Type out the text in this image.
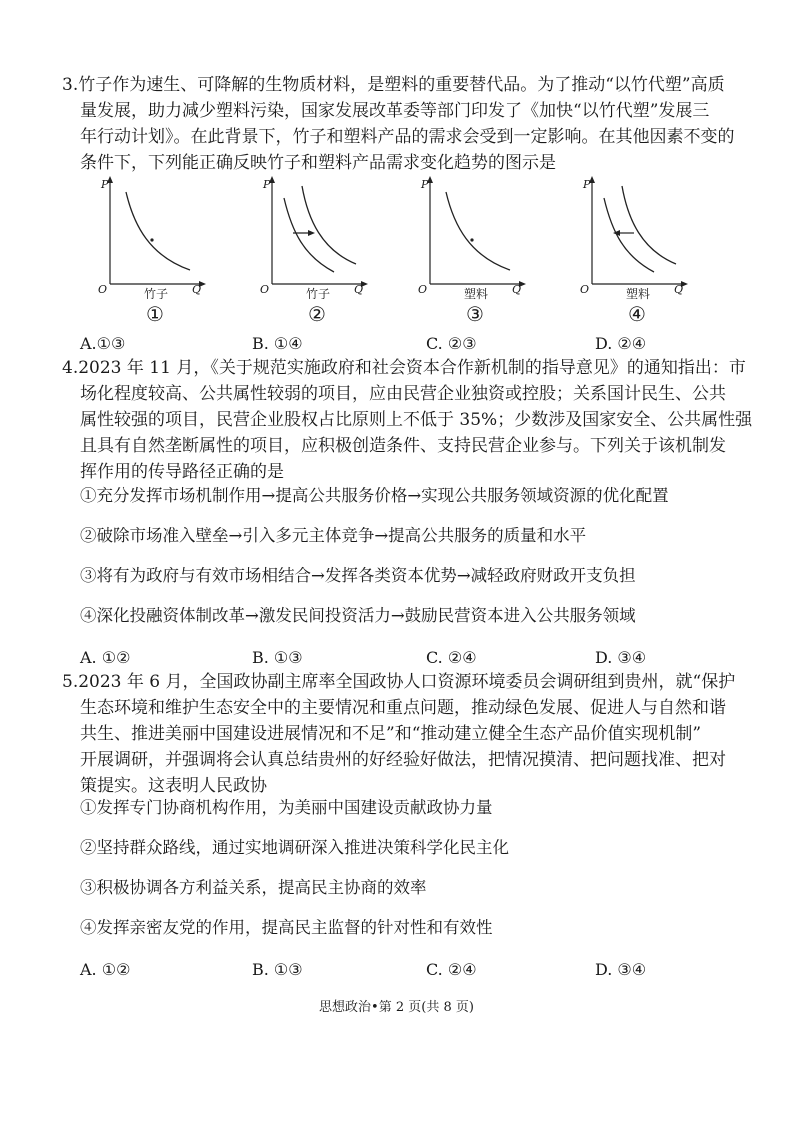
3.竹子作为速生、可降解的生物质材料，是塑料的重要替代品。为了推动“以竹代塑”高质
量发展，助力减少塑料污染，国家发展改革委等部门印发了《加快“以竹代塑”发展三
年行动计划》。在此背景下，竹子和塑料产品的需求会受到一定影响。在其他因素不变的
条件下，下列能正确反映竹子和塑料产品需求变化趋势的图示是
P
O	Q
竹子
①
P
O	Q
竹子
②
P
O	Q
塑料
③
P
O	Q
塑料
④
A.①③	B. ①④	C. ②③	D. ②④
4.2023 年 11 月，《关于规范实施政府和社会资本合作新机制的指导意见》的通知指出：市
场化程度较高、公共属性较弱的项目，应由民营企业独资或控股；关系国计民生、公共
属性较强的项目，民营企业股权占比原则上不低于 35%；少数涉及国家安全、公共属性强
且具有自然垄断属性的项目，应积极创造条件、支持民营企业参与。下列关于该机制发
挥作用的传导路径正确的是
①充分发挥市场机制作用→提高公共服务价格→实现公共服务领域资源的优化配置
②破除市场准入壁垒→引入多元主体竞争→提高公共服务的质量和水平
③将有为政府与有效市场相结合→发挥各类资本优势→减轻政府财政开支负担
④深化投融资体制改革→激发民间投资活力→鼓励民营资本进入公共服务领域
A. ①②	B. ①③	C. ②④	D. ③④
5.2023 年 6 月，全国政协副主席率全国政协人口资源环境委员会调研组到贵州，就“保护
生态环境和维护生态安全中的主要情况和重点问题，推动绿色发展、促进人与自然和谐
共生、推进美丽中国建设进展情况和不足”和“推动建立健全生态产品价值实现机制”
开展调研，并强调将会认真总结贵州的好经验好做法，把情况摸清、把问题找准、把对
策提实。这表明人民政协
①发挥专门协商机构作用，为美丽中国建设贡献政协力量
②坚持群众路线，通过实地调研深入推进决策科学化民主化
③积极协调各方利益关系，提高民主协商的效率
④发挥亲密友党的作用，提高民主监督的针对性和有效性
A. ①②	B. ①③	C. ②④	D. ③④
思想政治•第 2 页(共 8 页)
